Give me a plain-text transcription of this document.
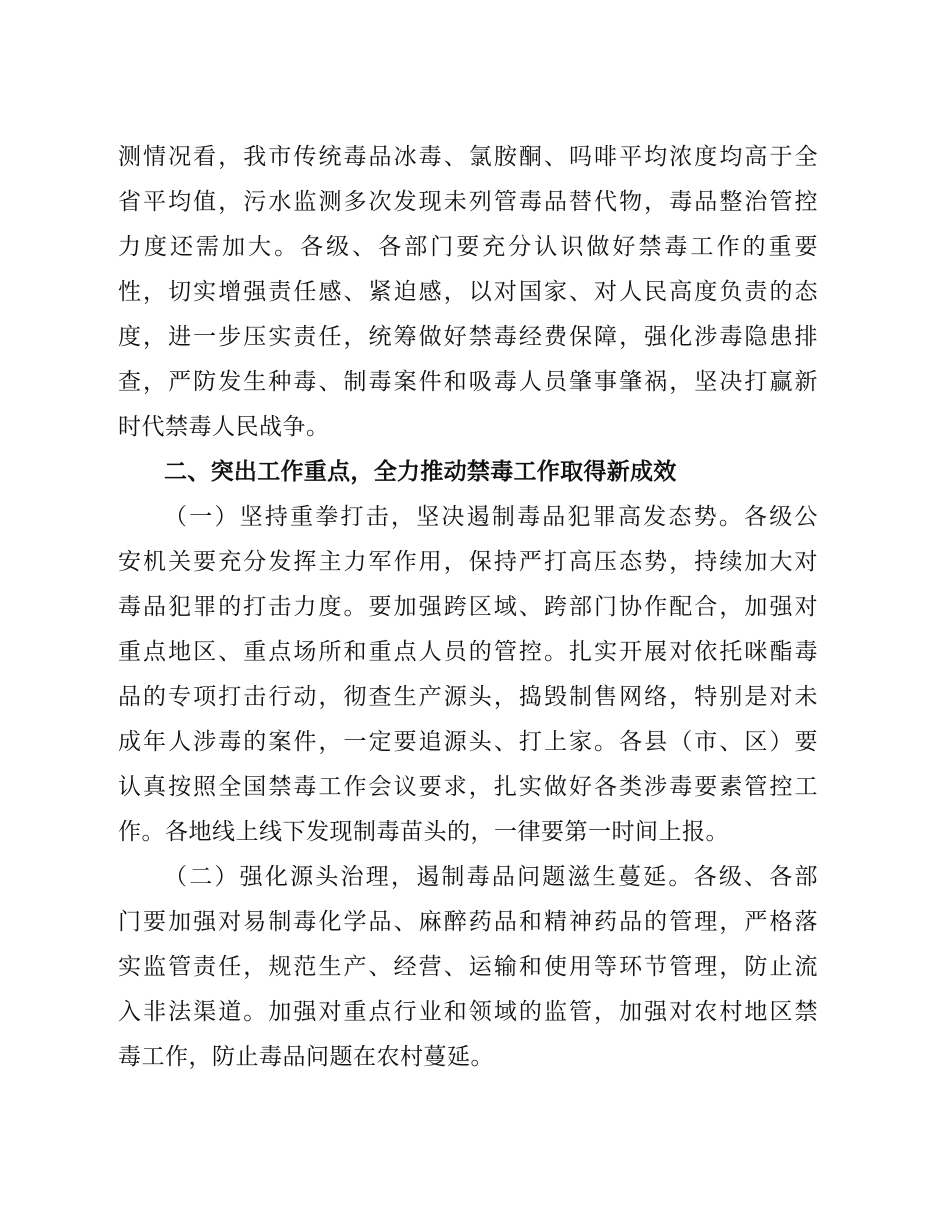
测情况看，我市传统毒品冰毒、氯胺酮、吗啡平均浓度均高于全
省平均值，污水监测多次发现未列管毒品替代物，毒品整治管控
力度还需加大。各级、各部门要充分认识做好禁毒工作的重要
性，切实增强责任感、紧迫感，以对国家、对人民高度负责的态
度，进一步压实责任，统筹做好禁毒经费保障，强化涉毒隐患排
查，严防发生种毒、制毒案件和吸毒人员肇事肇祸，坚决打赢新
时代禁毒人民战争。
二、突出工作重点，全力推动禁毒工作取得新成效
（一）坚持重拳打击，坚决遏制毒品犯罪高发态势。各级公
安机关要充分发挥主力军作用，保持严打高压态势，持续加大对
毒品犯罪的打击力度。要加强跨区域、跨部门协作配合，加强对
重点地区、重点场所和重点人员的管控。扎实开展对依托咪酯毒
品的专项打击行动，彻查生产源头，捣毁制售网络，特别是对未
成年人涉毒的案件，一定要追源头、打上家。各县（市、区）要
认真按照全国禁毒工作会议要求，扎实做好各类涉毒要素管控工
作。各地线上线下发现制毒苗头的，一律要第一时间上报。
（二）强化源头治理，遏制毒品问题滋生蔓延。各级、各部
门要加强对易制毒化学品、麻醉药品和精神药品的管理，严格落
实监管责任，规范生产、经营、运输和使用等环节管理，防止流
入非法渠道。加强对重点行业和领域的监管，加强对农村地区禁
毒工作，防止毒品问题在农村蔓延。
